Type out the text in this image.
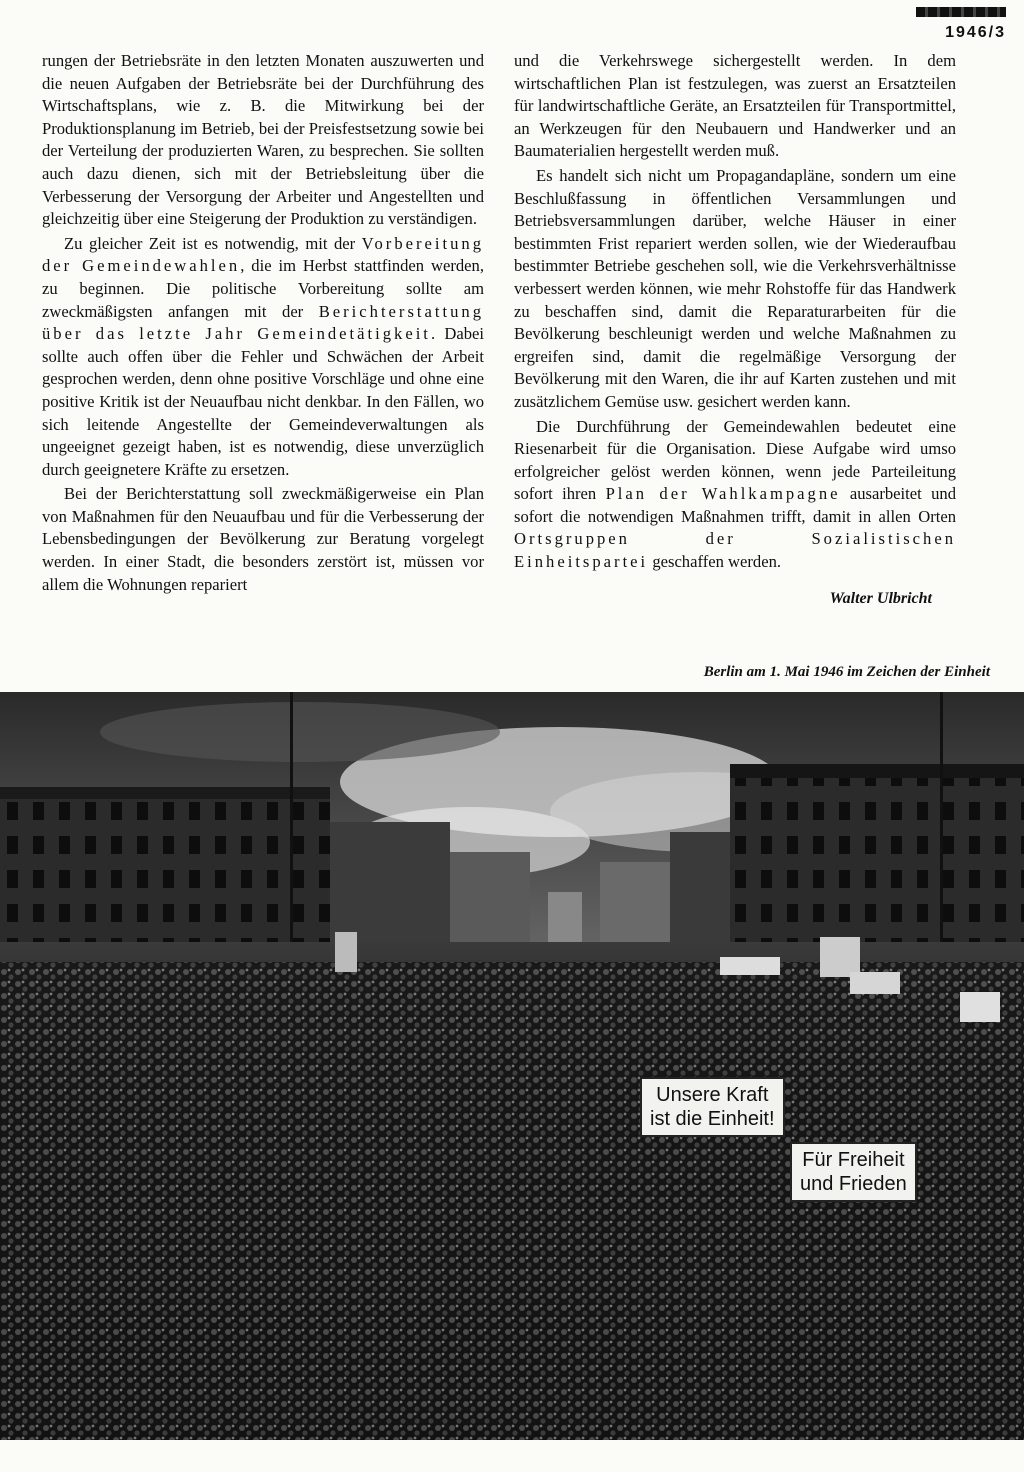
1946/3

rungen der Betriebsräte in den letzten Monaten auszuwerten und die neuen Aufgaben der Betriebsräte bei der Durchführung des Wirtschaftsplans, wie z. B. die Mitwirkung bei der Produktionsplanung im Betrieb, bei der Preisfestsetzung sowie bei der Verteilung der produzierten Waren, zu besprechen. Sie sollten auch dazu dienen, sich mit der Betriebsleitung über die Verbesserung der Versorgung der Arbeiter und Angestellten und gleichzeitig über eine Steigerung der Produktion zu verständigen.

Zu gleicher Zeit ist es notwendig, mit der Vorbereitung der Gemeindewahlen, die im Herbst stattfinden werden, zu beginnen. Die politische Vorbereitung sollte am zweckmäßigsten anfangen mit der Berichterstattung über das letzte Jahr Gemeindetätigkeit. Dabei sollte auch offen über die Fehler und Schwächen der Arbeit gesprochen werden, denn ohne positive Vorschläge und ohne eine positive Kritik ist der Neuaufbau nicht denkbar. In den Fällen, wo sich leitende Angestellte der Gemeindeverwaltungen als ungeeignet gezeigt haben, ist es notwendig, diese unverzüglich durch geeignetere Kräfte zu ersetzen.

Bei der Berichterstattung soll zweckmäßigerweise ein Plan von Maßnahmen für den Neuaufbau und für die Verbesserung der Lebensbedingungen der Bevölkerung zur Beratung vorgelegt werden. In einer Stadt, die besonders zerstört ist, müssen vor allem die Wohnungen repariert

und die Verkehrswege sichergestellt werden. In dem wirtschaftlichen Plan ist festzulegen, was zuerst an Ersatzteilen für landwirtschaftliche Geräte, an Ersatzteilen für Transportmittel, an Werkzeugen für den Neubauern und Handwerker und an Baumaterialien hergestellt werden muß.

Es handelt sich nicht um Propagandapläne, sondern um eine Beschlußfassung in öffentlichen Versammlungen und Betriebsversammlungen darüber, welche Häuser in einer bestimmten Frist repariert werden sollen, wie der Wiederaufbau bestimmter Betriebe geschehen soll, wie die Verkehrsverhältnisse verbessert werden können, wie mehr Rohstoffe für das Handwerk zu beschaffen sind, damit die Reparaturarbeiten für die Bevölkerung beschleunigt werden und welche Maßnahmen zu ergreifen sind, damit die regelmäßige Versorgung der Bevölkerung mit den Waren, die ihr auf Karten zustehen und mit zusätzlichem Gemüse usw. gesichert werden kann.

Die Durchführung der Gemeindewahlen bedeutet eine Riesenarbeit für die Organisation. Diese Aufgabe wird umso erfolgreicher gelöst werden können, wenn jede Parteileitung sofort ihren Plan der Wahlkampagne ausarbeitet und sofort die notwendigen Maßnahmen trifft, damit in allen Orten Ortsgruppen der Sozialistischen Einheitspartei geschaffen werden.

Walter Ulbricht
Berlin am 1. Mai 1946 im Zeichen der Einheit
Unsere Kraft
ist die Einheit!
Für Freiheit
und Frieden
